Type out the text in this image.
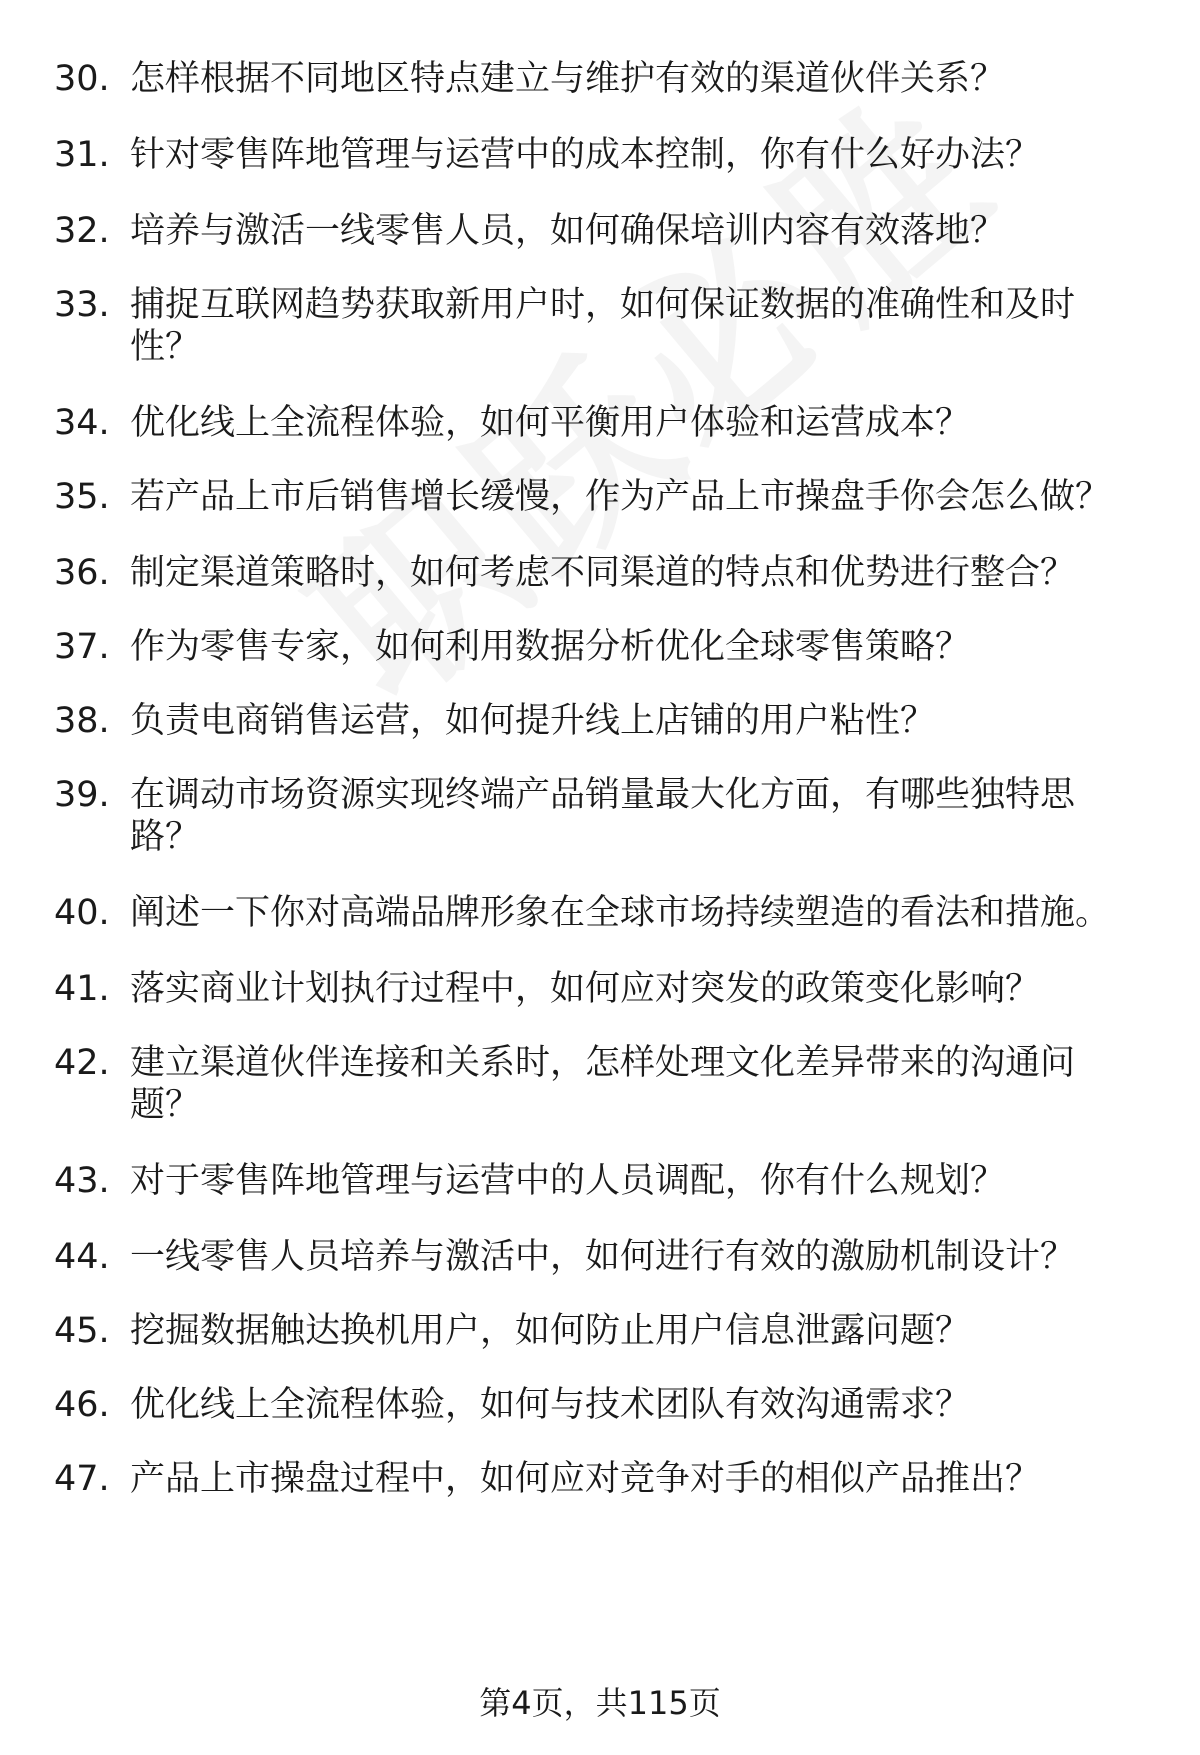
30. 怎样根据不同地区特点建立与维护有效的渠道伙伴关系？
31. 针对零售阵地管理与运营中的成本控制，你有什么好办法？
32. 培养与激活一线零售人员，如何确保培训内容有效落地？
33. 捕捉互联网趋势获取新用户时，如何保证数据的准确性和及时性？
34. 优化线上全流程体验，如何平衡用户体验和运营成本？
35. 若产品上市后销售增长缓慢，作为产品上市操盘手你会怎么做？
36. 制定渠道策略时，如何考虑不同渠道的特点和优势进行整合？
37. 作为零售专家，如何利用数据分析优化全球零售策略？
38. 负责电商销售运营，如何提升线上店铺的用户粘性？
39. 在调动市场资源实现终端产品销量最大化方面，有哪些独特思路？
40. 阐述一下你对高端品牌形象在全球市场持续塑造的看法和措施。
41. 落实商业计划执行过程中，如何应对突发的政策变化影响？
42. 建立渠道伙伴连接和关系时，怎样处理文化差异带来的沟通问题？
43. 对于零售阵地管理与运营中的人员调配，你有什么规划？
44. 一线零售人员培养与激活中，如何进行有效的激励机制设计？
45. 挖掘数据触达换机用户，如何防止用户信息泄露问题？
46. 优化线上全流程体验，如何与技术团队有效沟通需求？
47. 产品上市操盘过程中，如何应对竞争对手的相似产品推出？
第4页，共115页
